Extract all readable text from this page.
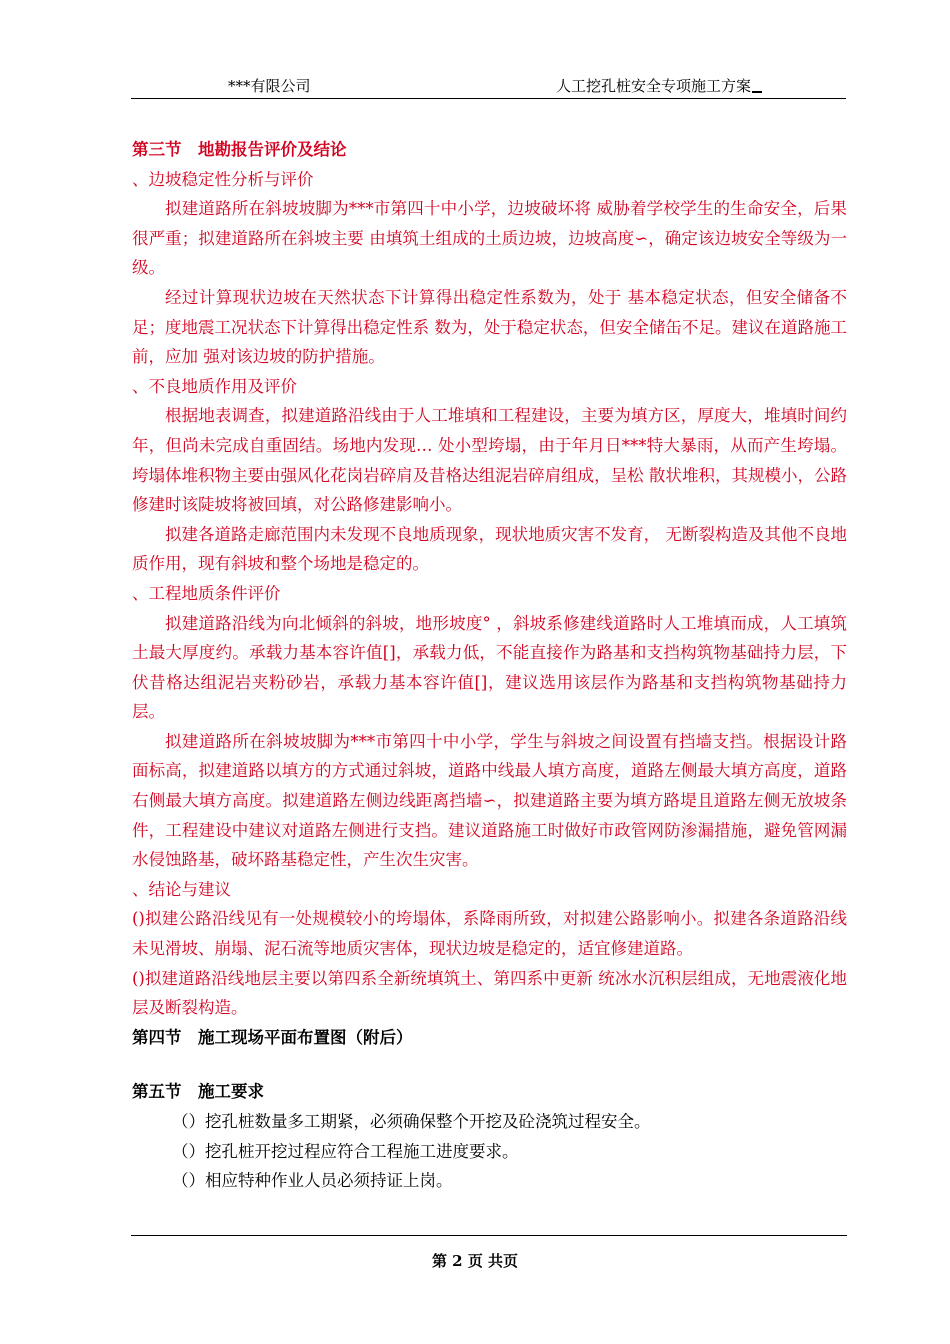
***有限公司	人工挖孔桩安全专项施工方案

第三节　地勘报告评价及结论

、边坡稳定性分析与评价

拟建道路所在斜坡坡脚为***市第四十中小学，边坡破坏将 威胁着学校学生的生命安全，后果很严重；拟建道路所在斜坡主要 由填筑土组成的土质边坡，边坡高度∽，确定该边坡安全等级为一级。

经过计算现状边坡在天然状态下计算得出稳定性系数为，处于 基本稳定状态，但安全储备不足；度地震工况状态下计算得出稳定性系 数为，处于稳定状态，但安全储缶不足。建议在道路施工前，应加 强对该边坡的防护措施。

、不良地质作用及评价

根据地表调查，拟建道路沿线由于人工堆填和工程建设，主要为填方区，厚度大，堆填时间约年，但尚未完成自重固结。场地内发现… 处小型垮塌，由于年月日***特大暴雨，从而产生垮塌。 垮塌体堆积物主要由强风化花岗岩碎肩及昔格达组泥岩碎肩组成，呈松 散状堆积，其规模小，公路修建时该陡坡将被回填，对公路修建影响小。

拟建各道路走廊范围内未发现不良地质现象，现状地质灾害不发育， 无断裂构造及其他不良地质作用，现有斜坡和整个场地是稳定的。

、工程地质条件评价

拟建道路沿线为向北倾斜的斜坡，地形坡度° ，斜坡系修建线道路时人工堆填而成，人工填筑土最大厚度约。承载力基本容许值[]，承载力低，不能直接作为路基和支挡构筑物基础持力层，下伏昔格达组泥岩夹粉砂岩，承载力基本容许值[]，建议选用该层作为路基和支挡构筑物基础持力层。

拟建道路所在斜坡坡脚为***市第四十中小学，学生与斜坡之间设置有挡墙支挡。根据设计路面标高，拟建道路以填方的方式通过斜坡，道路中线最人填方高度，道路左侧最大填方高度，道路右侧最大填方高度。拟建道路左侧边线距离挡墙∽，拟建道路主要为填方路堤且道路左侧无放坡条件，工程建设中建议对道路左侧进行支挡。建议道路施工时做好市政管网防渗漏措施，避免管网漏水侵蚀路基，破坏路基稳定性，产生次生灾害。

、结论与建议

()拟建公路沿线见有一处规模较小的垮塌体，系降雨所致，对拟建公路影响小。拟建各条道路沿线未见滑坡、崩塌、泥石流等地质灾害体，现状边坡是稳定的，适宜修建道路。

()拟建道路沿线地层主要以第四系全新统填筑土、第四系中更新 统冰水沉积层组成，无地震液化地层及断裂构造。

第四节　施工现场平面布置图（附后）

第五节　施工要求

（）挖孔桩数量多工期紧，必须确保整个开挖及砼浇筑过程安全。

（）挖孔桩开挖过程应符合工程施工进度要求。

（）相应特种作业人员必须持证上岗。

第 2 页 共页
